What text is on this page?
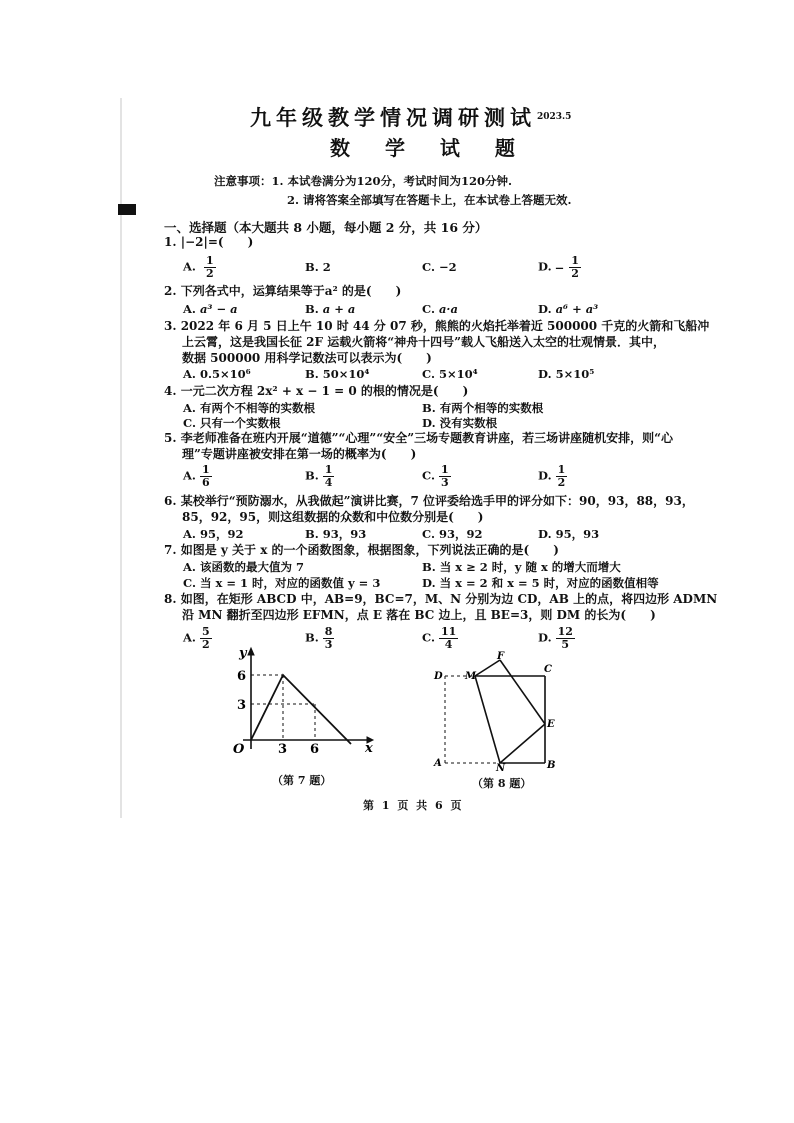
九年级教学情况调研测试 2023.5
数 学 试 题
注意事项：1. 本试卷满分为120分，考试时间为120分钟.
2. 请将答案全部填写在答题卡上，在本试卷上答题无效.
一、选择题（本大题共 8 小题，每小题 2 分，共 16 分）
1. |−2|=(　　)
A. $\frac{1}{2}$	B. 2	C. −2	D. − $\frac{1}{2}$
2. 下列各式中，运算结果等于a² 的是(　　)
A. a³ − a	B. a + a	C. a·a	D. a⁶ + a³
3. 2022 年 6 月 5 日上午 10 时 44 分 07 秒，熊熊的火焰托举着近 500000 千克的火箭和飞船冲
上云霄，这是我国长征 2F 运载火箭将“神舟十四号”载人飞船送入太空的壮观情景．其中，
数据 500000 用科学记数法可以表示为(　　)
A. 0.5×10⁶	B. 50×10⁴	C. 5×10⁴	D. 5×10⁵
4. 一元二次方程 2x² + x − 1 = 0 的根的情况是(　　)
A. 有两个不相等的实数根	B. 有两个相等的实数根
C. 只有一个实数根	D. 没有实数根
5. 李老师准备在班内开展“道德”“心理”“安全”三场专题教育讲座，若三场讲座随机安排，则“心
理”专题讲座被安排在第一场的概率为(　　)
A. $\frac{1}{6}$	B. $\frac{1}{4}$	C. $\frac{1}{3}$	D. $\frac{1}{2}$
6. 某校举行“预防溺水，从我做起”演讲比赛，7 位评委给选手甲的评分如下：90，93，88，93，
85，92，95，则这组数据的众数和中位数分别是(　　)
A. 95，92	B. 93，93	C. 93，92	D. 95，93
7. 如图是 y 关于 x 的一个函数图象，根据图象，下列说法正确的是(　　)
A. 该函数的最大值为 7	B. 当 x ≥ 2 时，y 随 x 的增大而增大
C. 当 x = 1 时，对应的函数值 y = 3	D. 当 x = 2 和 x = 5 时，对应的函数值相等
8. 如图，在矩形 ABCD 中，AB=9，BC=7，M、N 分别为边 CD，AB 上的点，将四边形 ADMN
沿 MN 翻折至四边形 EFMN，点 E 落在 BC 边上，且 BE=3，则 DM 的长为(　　)
A. $\frac{5}{2}$	B. $\frac{8}{3}$	C. $\frac{11}{4}$	D. $\frac{12}{5}$
y
x
O
6
3
3 6
（第 7 题）
D M
F
C
E
A	N	B
（第 8 题）
第 1 页 共 6 页
